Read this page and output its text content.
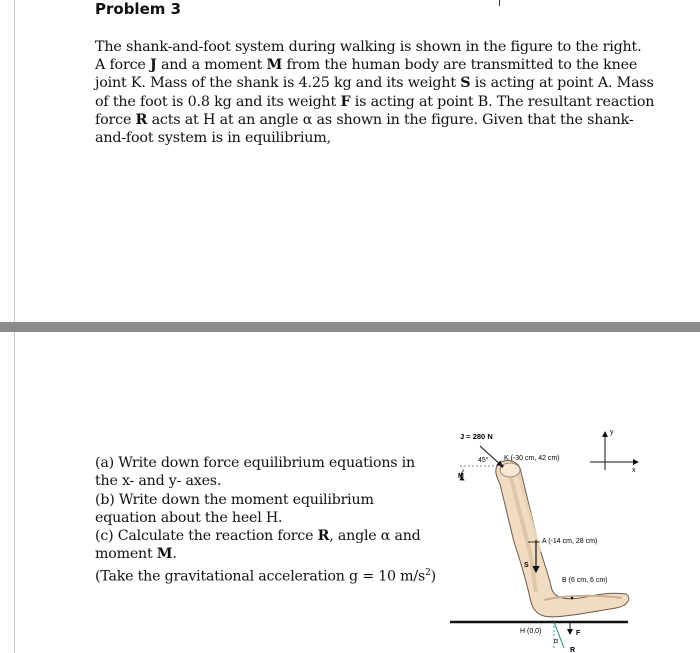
Problem 3
The shank-and-foot system during walking is shown in the figure to the right.
A force J and a moment M from the human body are transmitted to the knee
joint K. Mass of the shank is 4.25 kg and its weight S is acting at point A. Mass
of the foot is 0.8 kg and its weight F is acting at point B. The resultant reaction
force R acts at H at an angle α as shown in the figure. Given that the shank-
and-foot system is in equilibrium,
(a) Write down force equilibrium equations in
the x- and y- axes.
(b) Write down the moment equilibrium
equation about the heel H.
(c) Calculate the reaction force R, angle α and
moment M.
(Take the gravitational acceleration g = 10 $m/s^2$)
y
x
J = 280 N
45°
M
K (-30 cm, 42 cm)
A (-14 cm, 28 cm)
S
B (6 cm, 6 cm)
H (0,0)
α
R
F
